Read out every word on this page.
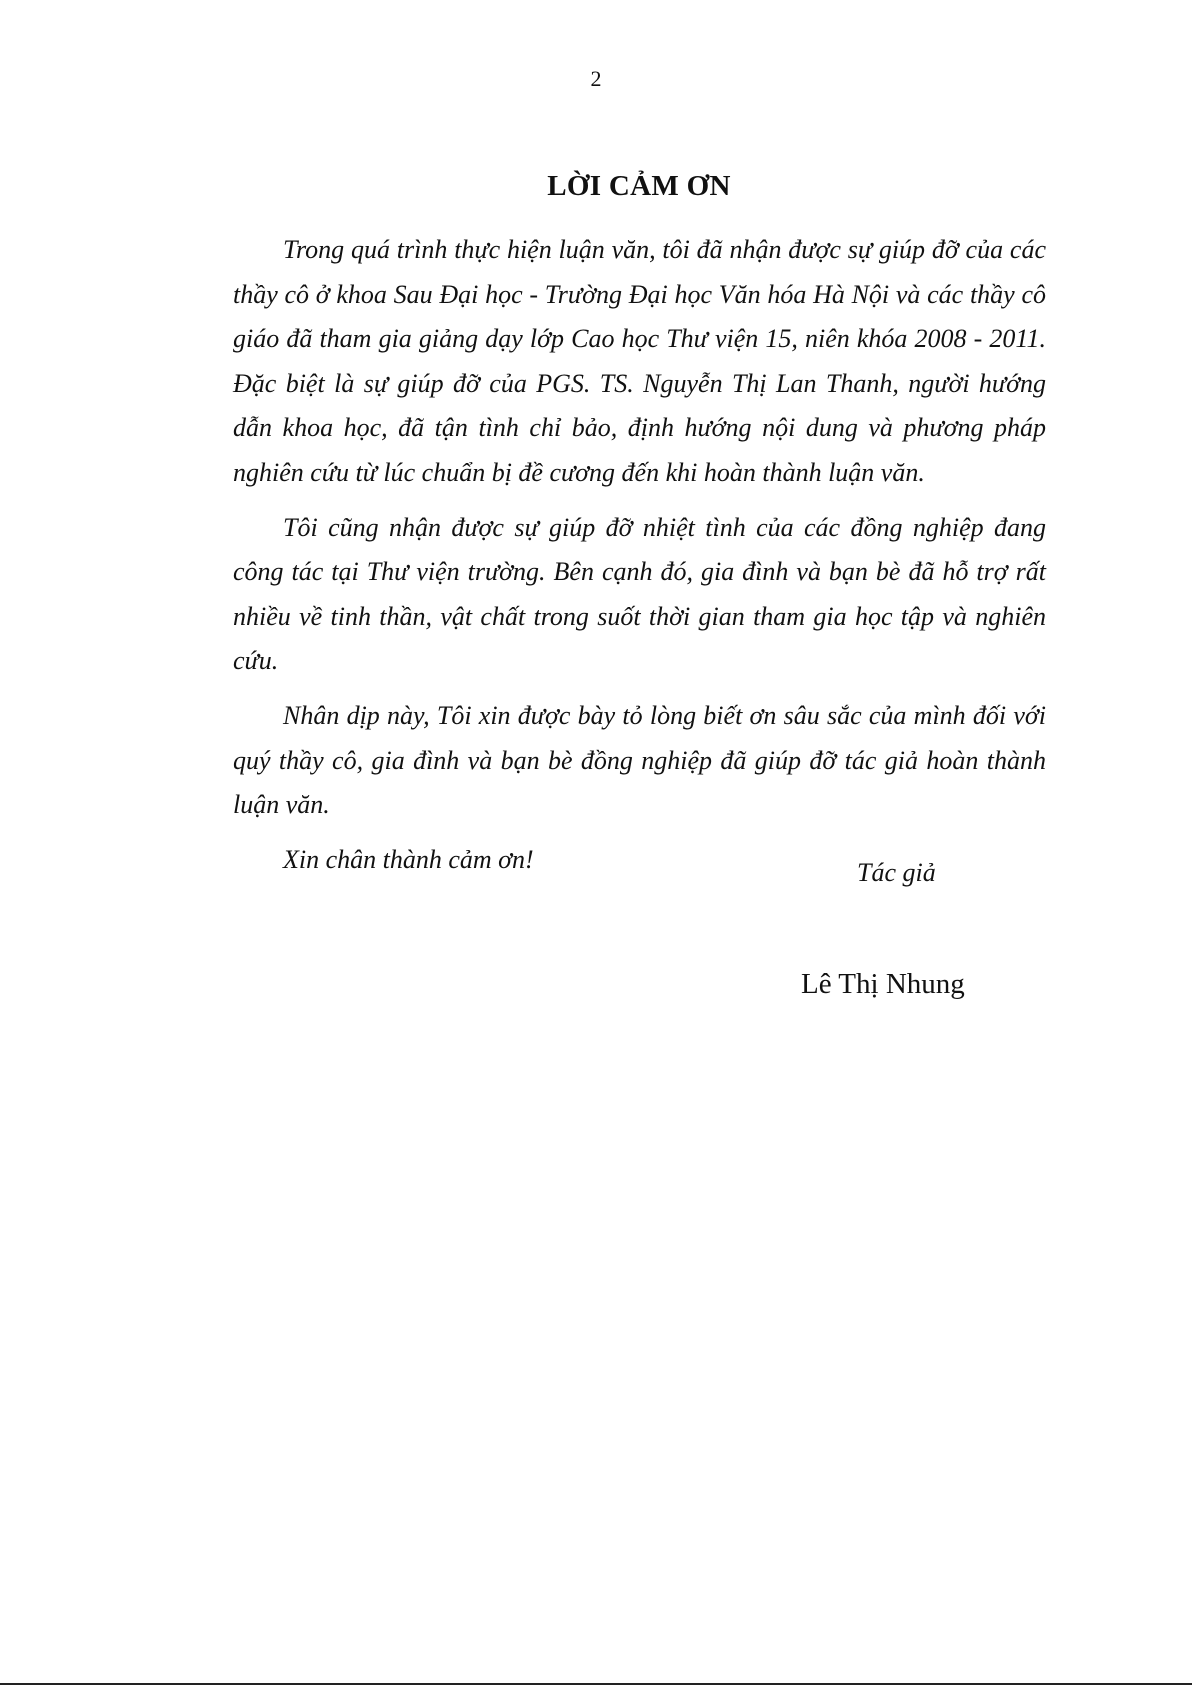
2
LỜI CẢM ƠN

Trong quá trình thực hiện luận văn, tôi đã nhận được sự giúp đỡ của các thầy cô ở khoa Sau Đại học - Trường Đại học Văn hóa Hà Nội và các thầy cô giáo đã tham gia giảng dạy lớp Cao học Thư viện 15, niên khóa 2008 - 2011. Đặc biệt là sự giúp đỡ của PGS. TS. Nguyễn Thị Lan Thanh, người hướng dẫn khoa học, đã tận tình chỉ bảo, định hướng nội dung và phương pháp nghiên cứu từ lúc chuẩn bị đề cương đến khi hoàn thành luận văn.

Tôi cũng nhận được sự giúp đỡ nhiệt tình của các đồng nghiệp đang công tác tại Thư viện trường. Bên cạnh đó, gia đình và bạn bè đã hỗ trợ rất nhiều về tinh thần, vật chất trong suốt thời gian tham gia học tập và nghiên cứu.

Nhân dịp này, Tôi xin được bày tỏ lòng biết ơn sâu sắc của mình đối với quý thầy cô, gia đình và bạn bè đồng nghiệp đã giúp đỡ tác giả hoàn thành luận văn.

Xin chân thành cảm ơn!	Tác giả
Lê Thị Nhung
